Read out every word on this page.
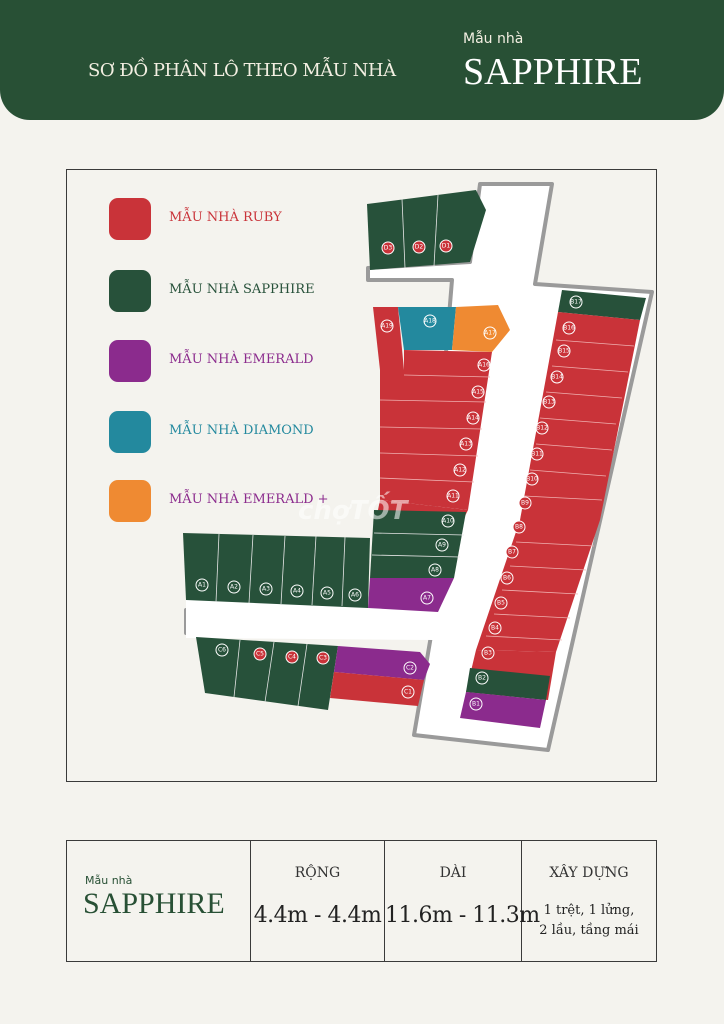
SƠ ĐỒ PHÂN LÔ THEO MẪU NHÀ
Mẫu nhà
SAPPHIRE
MẪU NHÀ RUBY
MẪU NHÀ SAPPHIRE
MẪU NHÀ EMERALD
MẪU NHÀ DIAMOND
MẪU NHÀ EMERALD +
D3	D2	D1
A19
A18
A17
A16
A15
A14
A13
A12
A11
A10
A9
A8
A7
A1	A2	A3	A4	A5	A6
C6
C5	C4	C3
C2
C1
B17
B16
B15
B14
B13
B12
B11
B10
B9
B8
B7
B6
B5
B4
B3
B2
B1
chợTỐT
Mẫu nhà
SAPPHIRE
RỘNG
4.4m - 4.4m
DÀI
11.6m - 11.3m
XÂY DỰNG
1 trệt, 1 lửng,
2 lầu, tầng mái
